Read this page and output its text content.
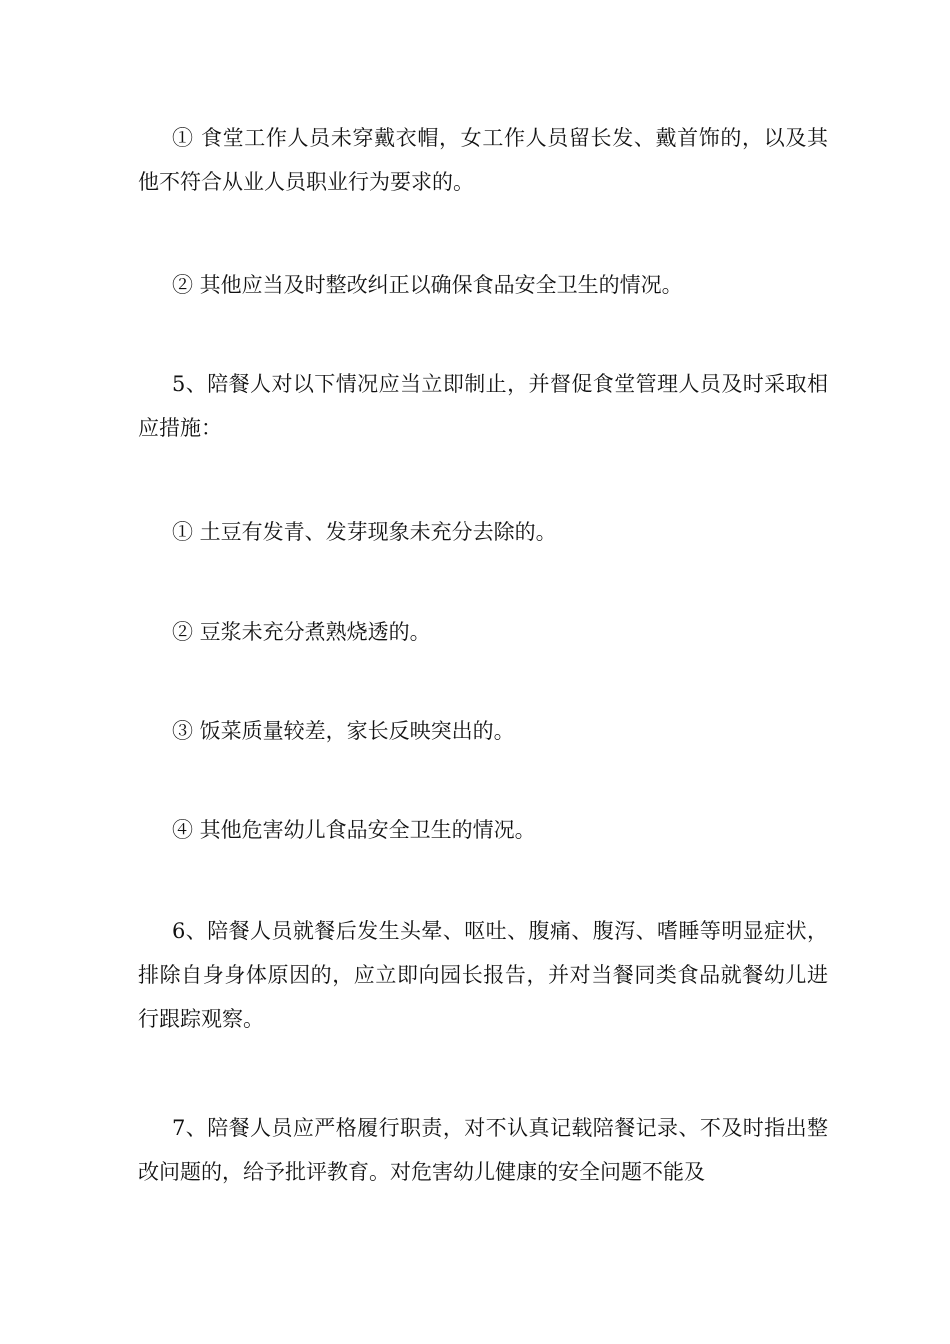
① 食堂工作人员未穿戴衣帽，女工作人员留长发、戴首饰的，以及其他不符合从业人员职业行为要求的。

② 其他应当及时整改纠正以确保食品安全卫生的情况。

5、陪餐人对以下情况应当立即制止，并督促食堂管理人员及时采取相应措施：

① 土豆有发青、发芽现象未充分去除的。

② 豆浆未充分煮熟烧透的。

③ 饭菜质量较差，家长反映突出的。

④ 其他危害幼儿食品安全卫生的情况。

6、陪餐人员就餐后发生头晕、呕吐、腹痛、腹泻、嗜睡等明显症状，排除自身身体原因的，应立即向园长报告，并对当餐同类食品就餐幼儿进行跟踪观察。

7、陪餐人员应严格履行职责，对不认真记载陪餐记录、不及时指出整改问题的，给予批评教育。对危害幼儿健康的安全问题不能及
